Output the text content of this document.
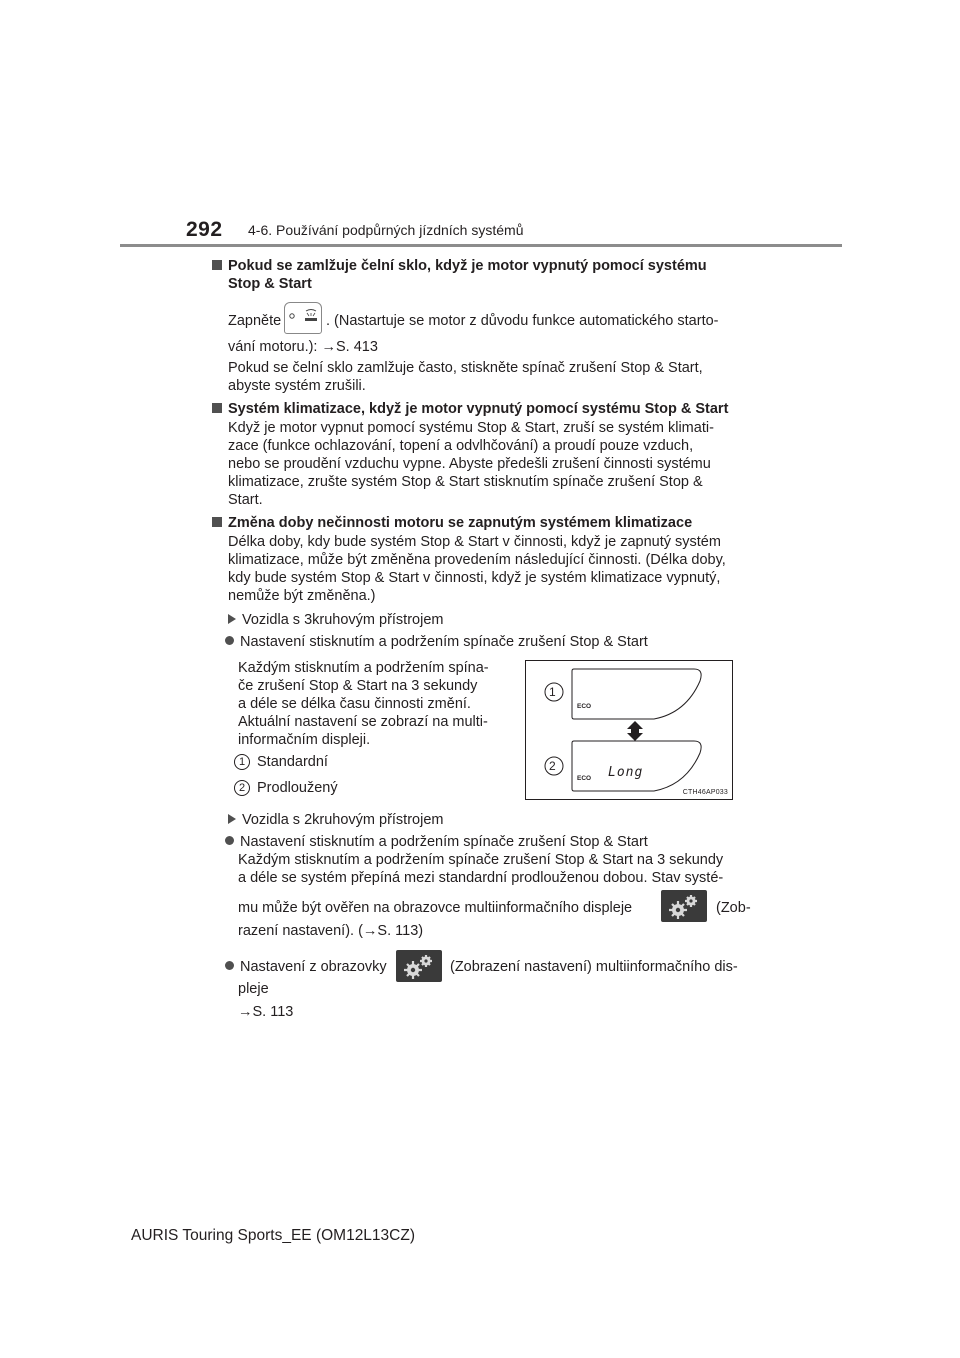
292 4-6. Používání podpůrných jízdních systémů
Pokud se zamlžuje čelní sklo, když je motor vypnutý pomocí systému
Stop & Start
Zapněte	. (Nastartuje se motor z důvodu funkce automatického starto-
vání motoru.): →S. 413
Pokud se čelní sklo zamlžuje často, stiskněte spínač zrušení Stop & Start,
abyste systém zrušili.
Systém klimatizace, když je motor vypnutý pomocí systému Stop & Start
Když je motor vypnut pomocí systému Stop & Start, zruší se systém klimati-
zace (funkce ochlazování, topení a odvlhčování) a proudí pouze vzduch,
nebo se proudění vzduchu vypne. Abyste předešli zrušení činnosti systému
klimatizace, zrušte systém Stop & Start stisknutím spínače zrušení Stop &
Start.
Změna doby nečinnosti motoru se zapnutým systémem klimatizace
Délka doby, kdy bude systém Stop & Start v činnosti, když je zapnutý systém
klimatizace, může být změněna provedením následující činnosti. (Délka doby,
kdy bude systém Stop & Start v činnosti, když je systém klimatizace vypnutý,
nemůže být změněna.)
Vozidla s 3kruhovým přístrojem
Nastavení stisknutím a podržením spínače zrušení Stop & Start
Každým stisknutím a podržením spína-
če zrušení Stop & Start na 3 sekundy
a déle se délka času činnosti změní.
Aktuální nastavení se zobrazí na multi-
informačním displeji.
1 Standardní
2 Prodloužený
1
2
ECO
ECO Long
CTH46AP033
Vozidla s 2kruhovým přístrojem
Nastavení stisknutím a podržením spínače zrušení Stop & Start
Každým stisknutím a podržením spínače zrušení Stop & Start na 3 sekundy
a déle se systém přepíná mezi standardní prodlouženou dobou. Stav systé-
mu může být ověřen na obrazovce multiinformačního displeje	(Zob-
razení nastavení). (→S. 113)
Nastavení z obrazovky	(Zobrazení nastavení) multiinformačního dis-
pleje
→S. 113
AURIS Touring Sports_EE (OM12L13CZ)
